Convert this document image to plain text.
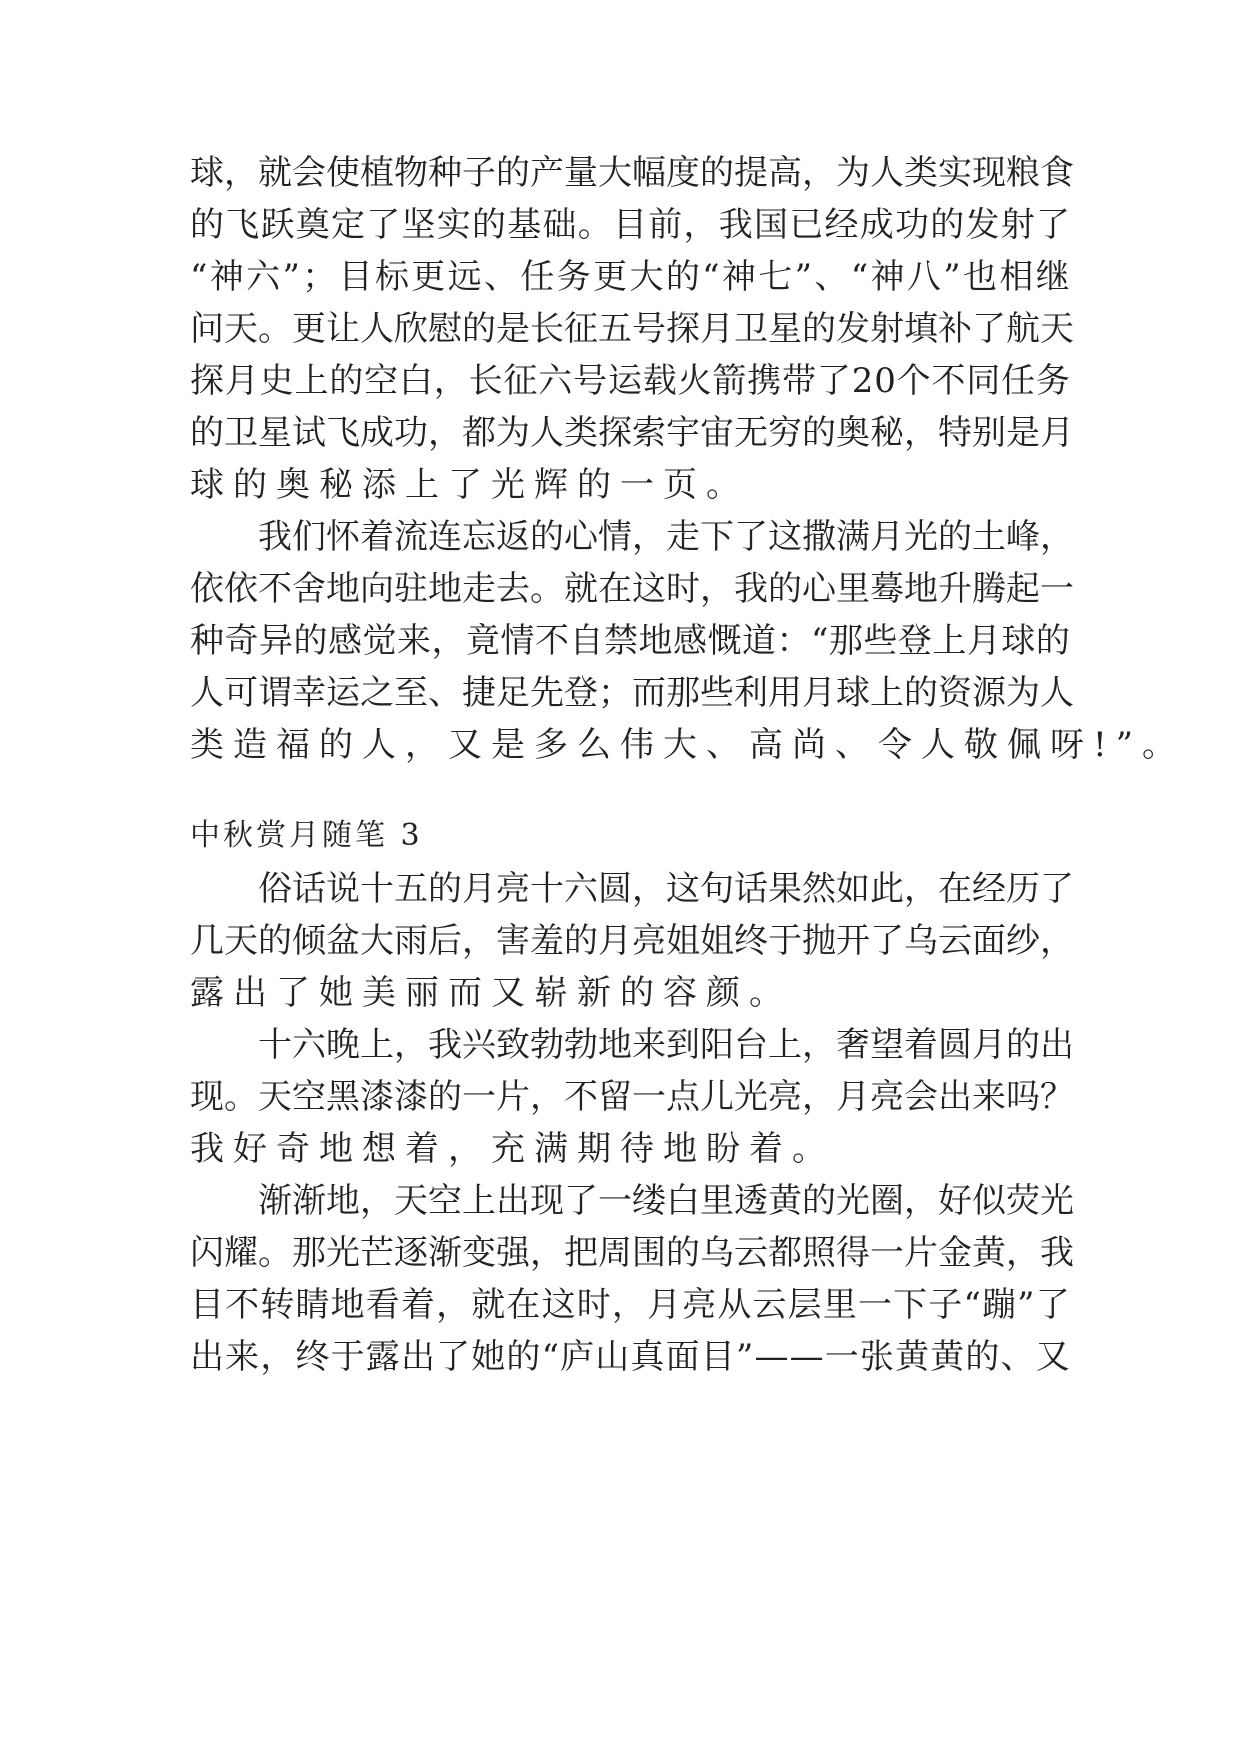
球 ， 就 会 使 植 物 种 子 的 产 量 大 幅 度 的 提 高 ， 为 人 类 实 现 粮 食
的 飞 跃 奠 定 了 坚 实 的 基 础 。 目 前 ， 我 国 已 经 成 功 的 发 射 了
“ 神 六 ” ； 目 标 更 远 、 任 务 更 大 的 “ 神 七 ” 、 “ 神 八 ” 也 相 继
问 天 。 更 让 人 欣 慰 的 是 长 征 五 号 探 月 卫 星 的 发 射 填 补 了 航 天
探 月 史 上 的 空 白 ， 长 征 六 号 运 载 火 箭 携 带 了 2 0 个 不 同 任 务
的 卫 星 试 飞 成 功 ， 都 为 人 类 探 索 宇 宙 无 穷 的 奥 秘 ， 特 别 是 月
球的奥秘添上了光辉的一页。
我 们 怀 着 流 连 忘 返 的 心 情 ， 走 下 了 这 撒 满 月 光 的 土 峰 ，
依 依 不 舍 地 向 驻 地 走 去 。 就 在 这 时 ， 我 的 心 里 蓦 地 升 腾 起 一
种 奇 异 的 感 觉 来 ， 竟 情 不 自 禁 地 感 慨 道 ： “ 那 些 登 上 月 球 的
人 可 谓 幸 运 之 至 、 捷 足 先 登 ； 而 那 些 利 用 月 球 上 的 资 源 为 人
类造福的人，又是多么伟大、高尚、令人敬佩呀!”。
中秋赏月随笔 3
俗 话 说 十 五 的 月 亮 十 六 圆 ， 这 句 话 果 然 如 此 ， 在 经 历 了
几 天 的 倾 盆 大 雨 后 ， 害 羞 的 月 亮 姐 姐 终 于 抛 开 了 乌 云 面 纱 ，
露出了她美丽而又崭新的容颜。
十 六 晚 上 ， 我 兴 致 勃 勃 地 来 到 阳 台 上 ， 奢 望 着 圆 月 的 出
现 。 天 空 黑 漆 漆 的 一 片 ， 不 留 一 点 儿 光 亮 ， 月 亮 会 出 来 吗 ？
我好奇地想着，充满期待地盼着。
渐 渐 地 ， 天 空 上 出 现 了 一 缕 白 里 透 黄 的 光 圈 ， 好 似 荧 光
闪 耀 。 那 光 芒 逐 渐 变 强 ， 把 周 围 的 乌 云 都 照 得 一 片 金 黄 ， 我
目 不 转 睛 地 看 着 ， 就 在 这 时 ， 月 亮 从 云 层 里 一 下 子 “ 蹦 ” 了
出 来 ， 终 于 露 出 了 她 的 “ 庐 山 真 面 目 ” — — 一 张 黄 黄 的 、 又
